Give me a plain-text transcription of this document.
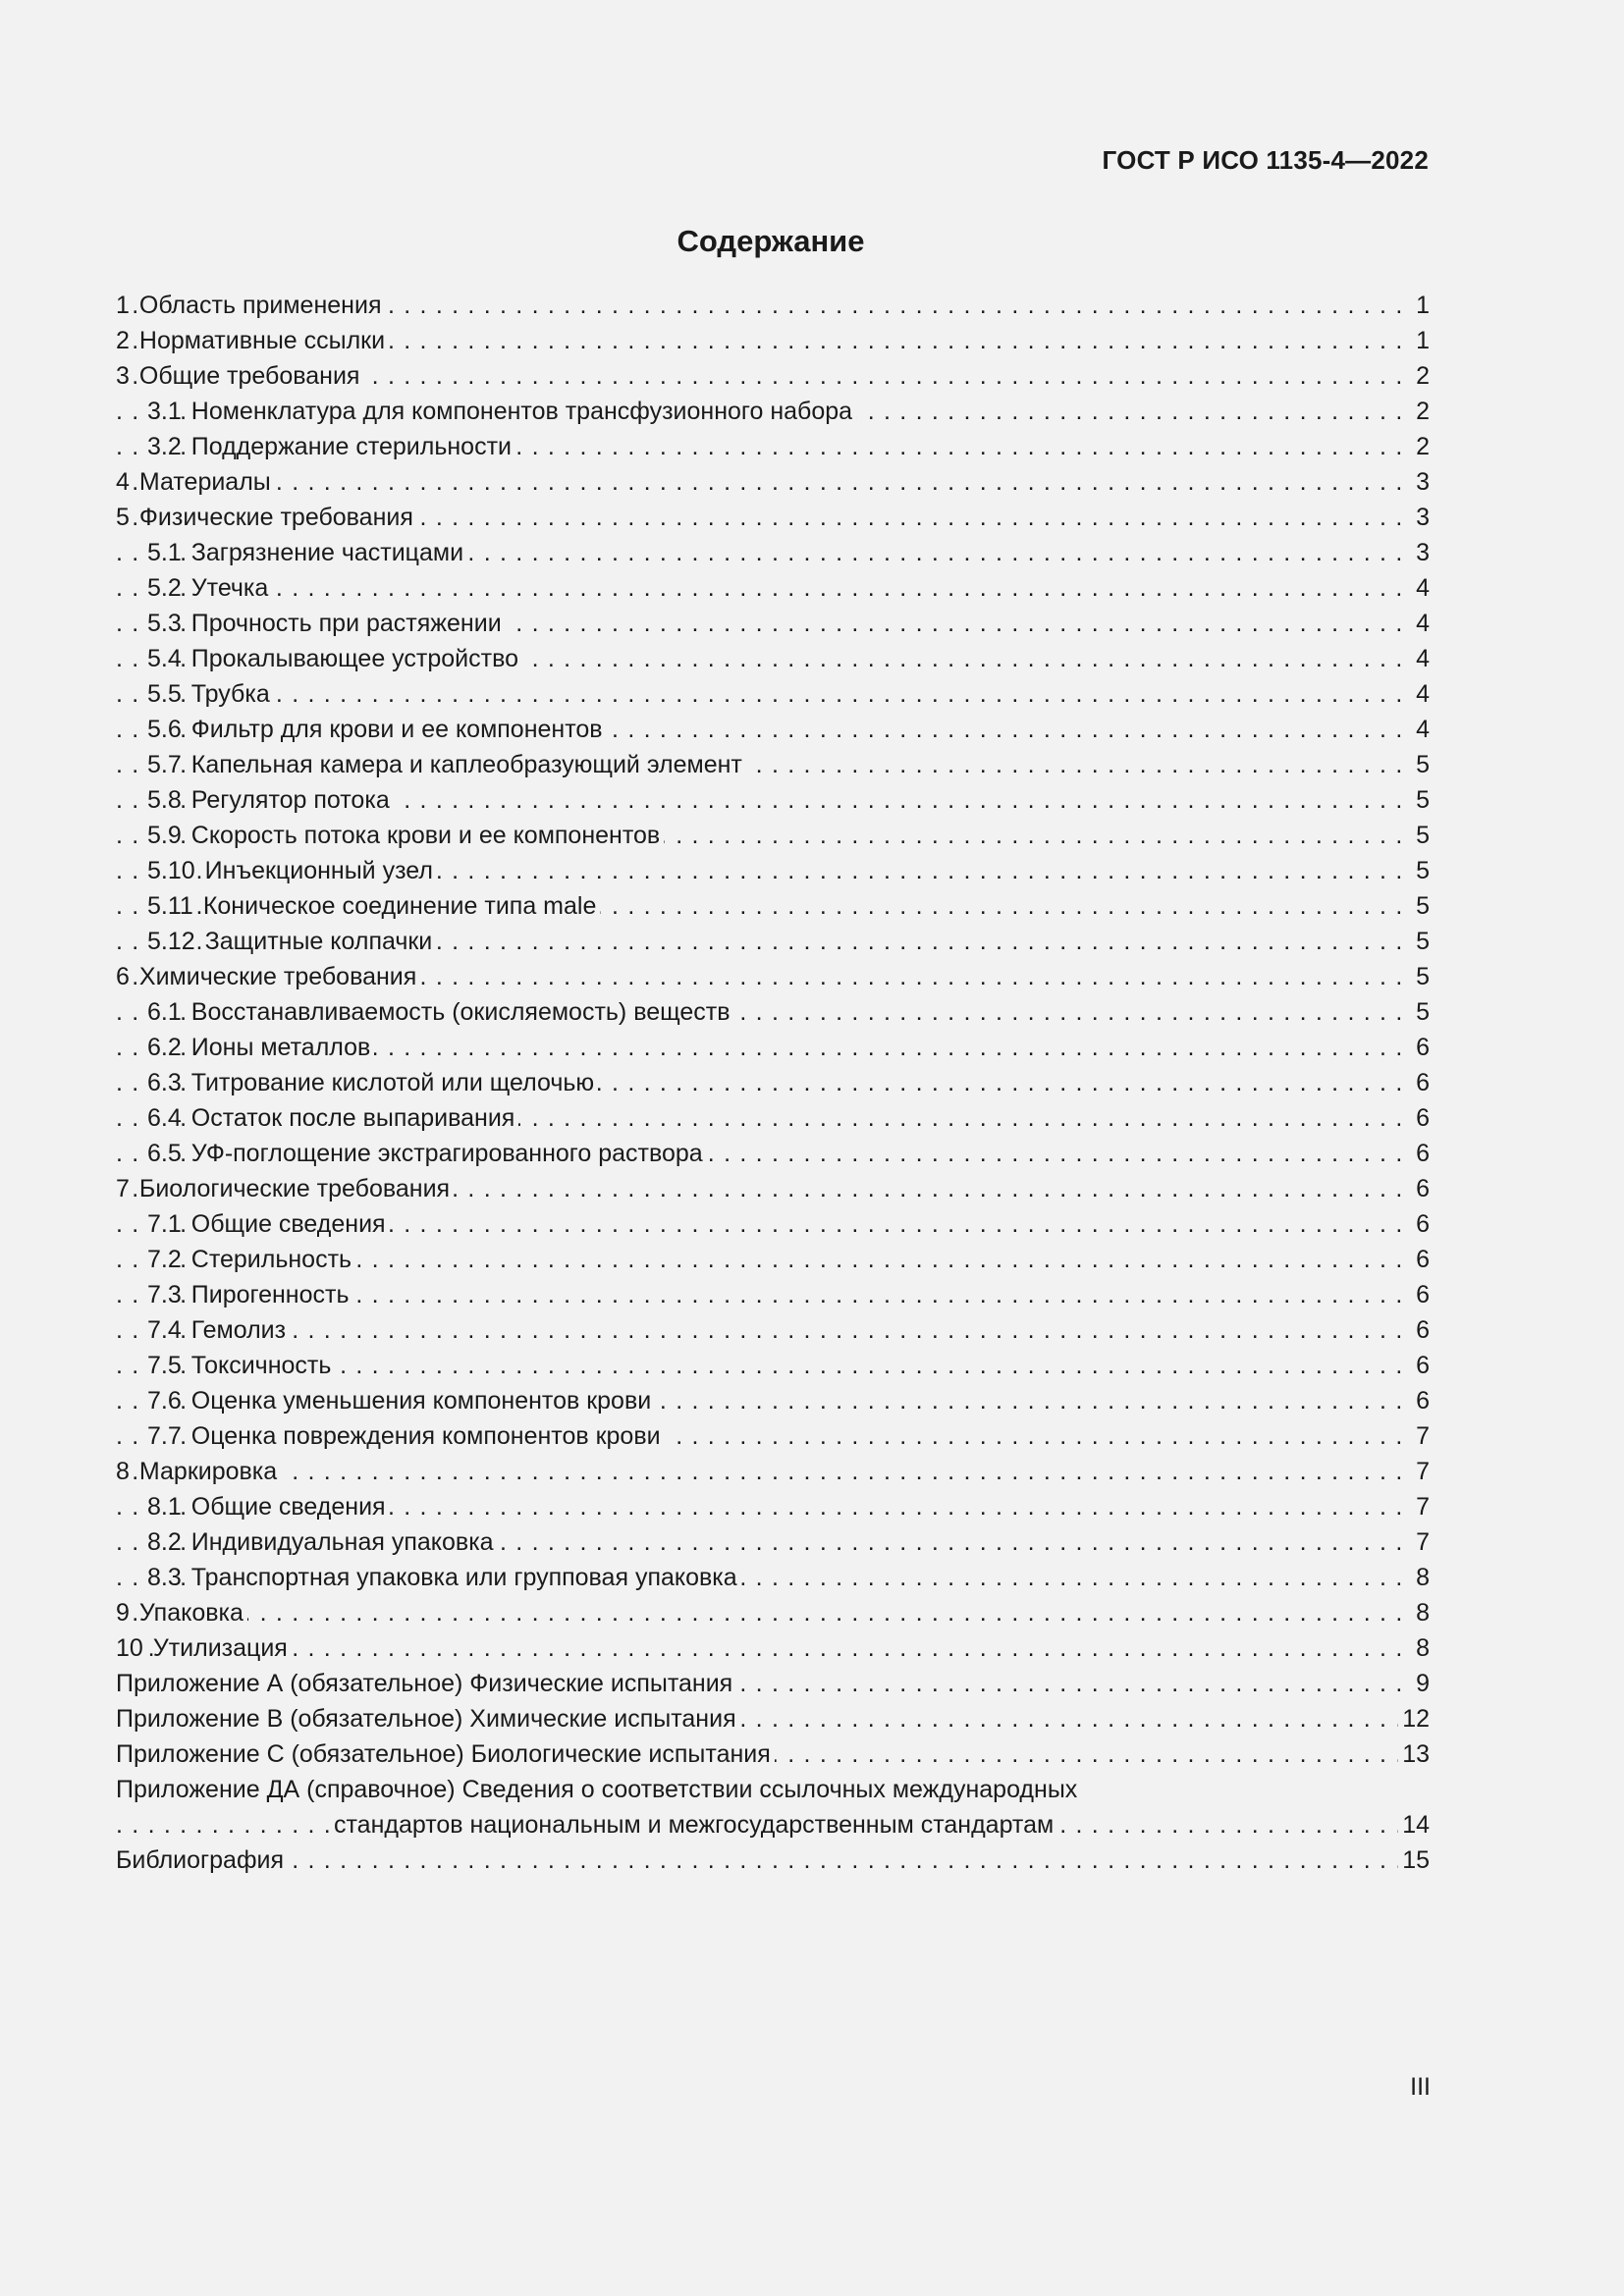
ГОСТ Р ИСО 1135-4—2022
Содержание
1 Область применения	1
. . .
2 Нормативные ссылки	1
. . .
3 Общие требования	2
. . .
3.1 Номенклатура для компонентов трансфузионного набора	2
. . .
3.2 Поддержание стерильности	2
. . .
4 Материалы	3
. . .
5 Физические требования	3
. . .
5.1 Загрязнение частицами	3
. . .
5.2 Утечка	4
. . .
5.3 Прочность при растяжении	4
. . .
5.4 Прокалывающее устройство	4
. . .
5.5 Трубка	4
. . .
5.6 Фильтр для крови и ее компонентов	4
. . .
5.7 Капельная камера и каплеобразующий элемент	5
. . .
5.8 Регулятор потока	5
. . .
5.9 Скорость потока крови и ее компонентов	5
. . .
5.10 Инъекционный узел	5
. . .
5.11 Коническое соединение типа male	5
. . .
5.12 Защитные колпачки	5
. . .
6 Химические требования	5
. . .
6.1 Восстанавливаемость (окисляемость) веществ	5
. . .
6.2 Ионы металлов	6
. . .
6.3 Титрование кислотой или щелочью	6
. . .
6.4 Остаток после выпаривания	6
. . .
6.5 УФ-поглощение экстрагированного раствора	6
. . .
7 Биологические требования	6
. . .
7.1 Общие сведения	6
. . .
7.2 Стерильность	6
. . .
7.3 Пирогенность	6
. . .
7.4 Гемолиз	6
. . .
7.5 Токсичность	6
. . .
7.6 Оценка уменьшения компонентов крови	6
. . .
7.7 Оценка повреждения компонентов крови	7
. . .
8 Маркировка	7
. . .
8.1 Общие сведения	7
. . .
8.2 Индивидуальная упаковка	7
. . .
8.3 Транспортная упаковка или групповая упаковка	8
. . .
9 Упаковка	8
. . .
10 Утилизация	8
. . .
Приложение А (обязательное) Физические испытания	9
. . .
Приложение В (обязательное) Химические испытания	12
. . .
Приложение С (обязательное) Биологические испытания	13
. . .
Приложение ДА (справочное) Сведения о соответствии ссылочных международных
стандартов национальным и межгосударственным стандартам	14
. . .
Библиография	15
. . .
III
